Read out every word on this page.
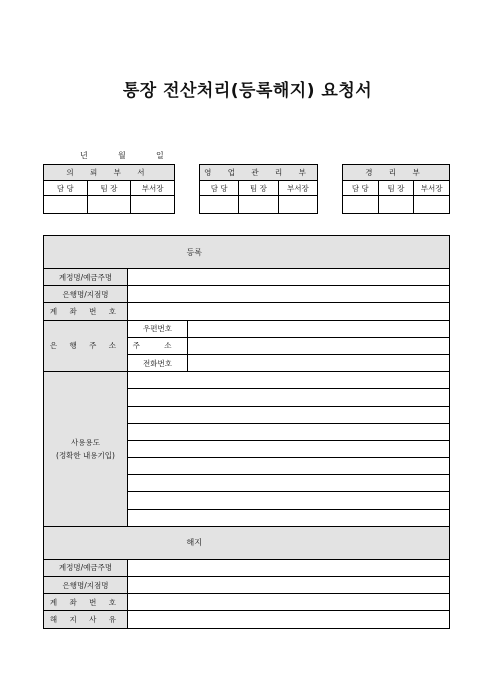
통장 전산처리(등록해지) 요청서
년	월	일
의 뢰 부 서		
담 당	팀 장	부서장

영 업 관 리 부		
담 당	팀 장	부서장

경 리 부		
담 당	팀 장	부서장

등록		
계정명/예금주명		
은행명/지점명		
계 좌 번 호		
은 행 주 소	우편번호	
	주 소	
	전화번호	

사용용도
(정확한 내용기입)		

해지		
계정명/예금주명		
은행명/지점명		
계 좌 번 호		
해 지 사 유		
